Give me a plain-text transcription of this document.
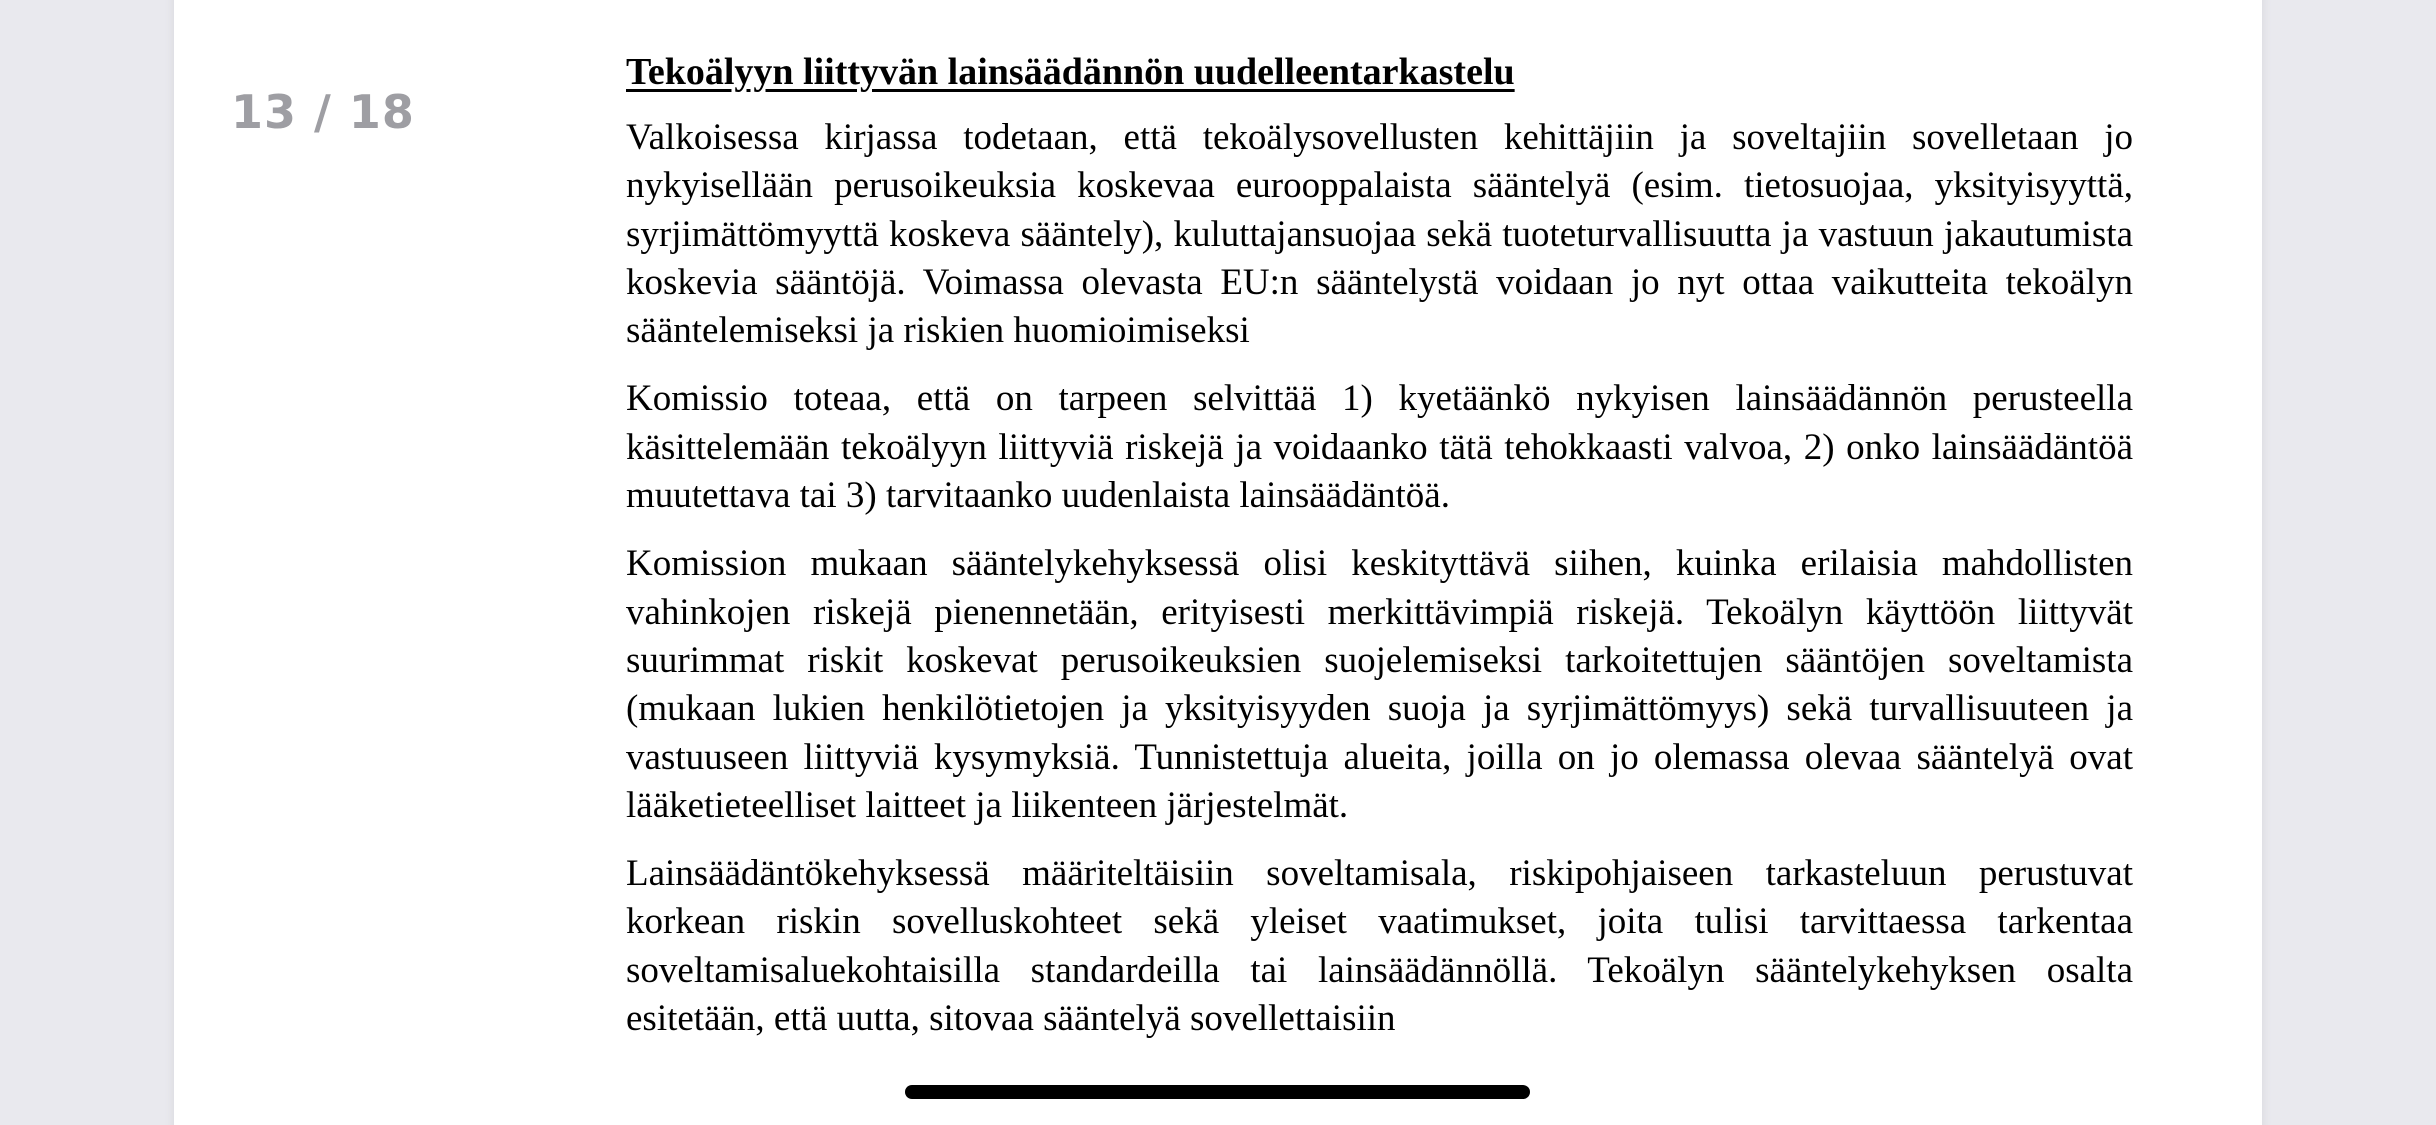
13 / 18

Tekoälyyn liittyvän lainsäädännön uudelleentarkastelu

Valkoisessa kirjassa todetaan, että tekoälysovellusten kehittäjiin ja soveltajiin sovelletaan jo nykyisellään perusoikeuksia koskevaa eurooppalaista sääntelyä (esim. tietosuojaa, yksityisyyttä, syrjimättömyyttä koskeva sääntely), kuluttajansuojaa sekä tuoteturvallisuutta ja vastuun jakautumista koskevia sääntöjä. Voimassa olevasta EU:n sääntelystä voidaan jo nyt ottaa vaikutteita tekoälyn sääntelemiseksi ja riskien huomioimiseksi

Komissio toteaa, että on tarpeen selvittää 1) kyetäänkö nykyisen lainsäädännön perusteella käsittelemään tekoälyyn liittyviä riskejä ja voidaanko tätä tehokkaasti valvoa, 2) onko lainsäädäntöä muutettava tai 3) tarvitaanko uudenlaista lainsäädäntöä.

Komission mukaan sääntelykehyksessä olisi keskityttävä siihen, kuinka erilaisia mahdollisten vahinkojen riskejä pienennetään, erityisesti merkittävimpiä riskejä. Tekoälyn käyttöön liittyvät suurimmat riskit koskevat perusoikeuksien suojelemiseksi tarkoitettujen sääntöjen soveltamista (mukaan lukien henkilötietojen ja yksityisyyden suoja ja syrjimättömyys) sekä turvallisuuteen ja vastuuseen liittyviä kysymyksiä. Tunnistettuja alueita, joilla on jo olemassa olevaa sääntelyä ovat lääketieteelliset laitteet ja liikenteen järjestelmät.

Lainsäädäntökehyksessä määriteltäisiin soveltamisala, riskipohjaiseen tarkasteluun perustuvat korkean riskin sovelluskohteet sekä yleiset vaatimukset, joita tulisi tarvittaessa tarkentaa soveltamisaluekohtaisilla standardeilla tai lainsäädännöllä. Tekoälyn sääntelykehyksen osalta esitetään, että uutta, sitovaa sääntelyä sovellettaisiin
